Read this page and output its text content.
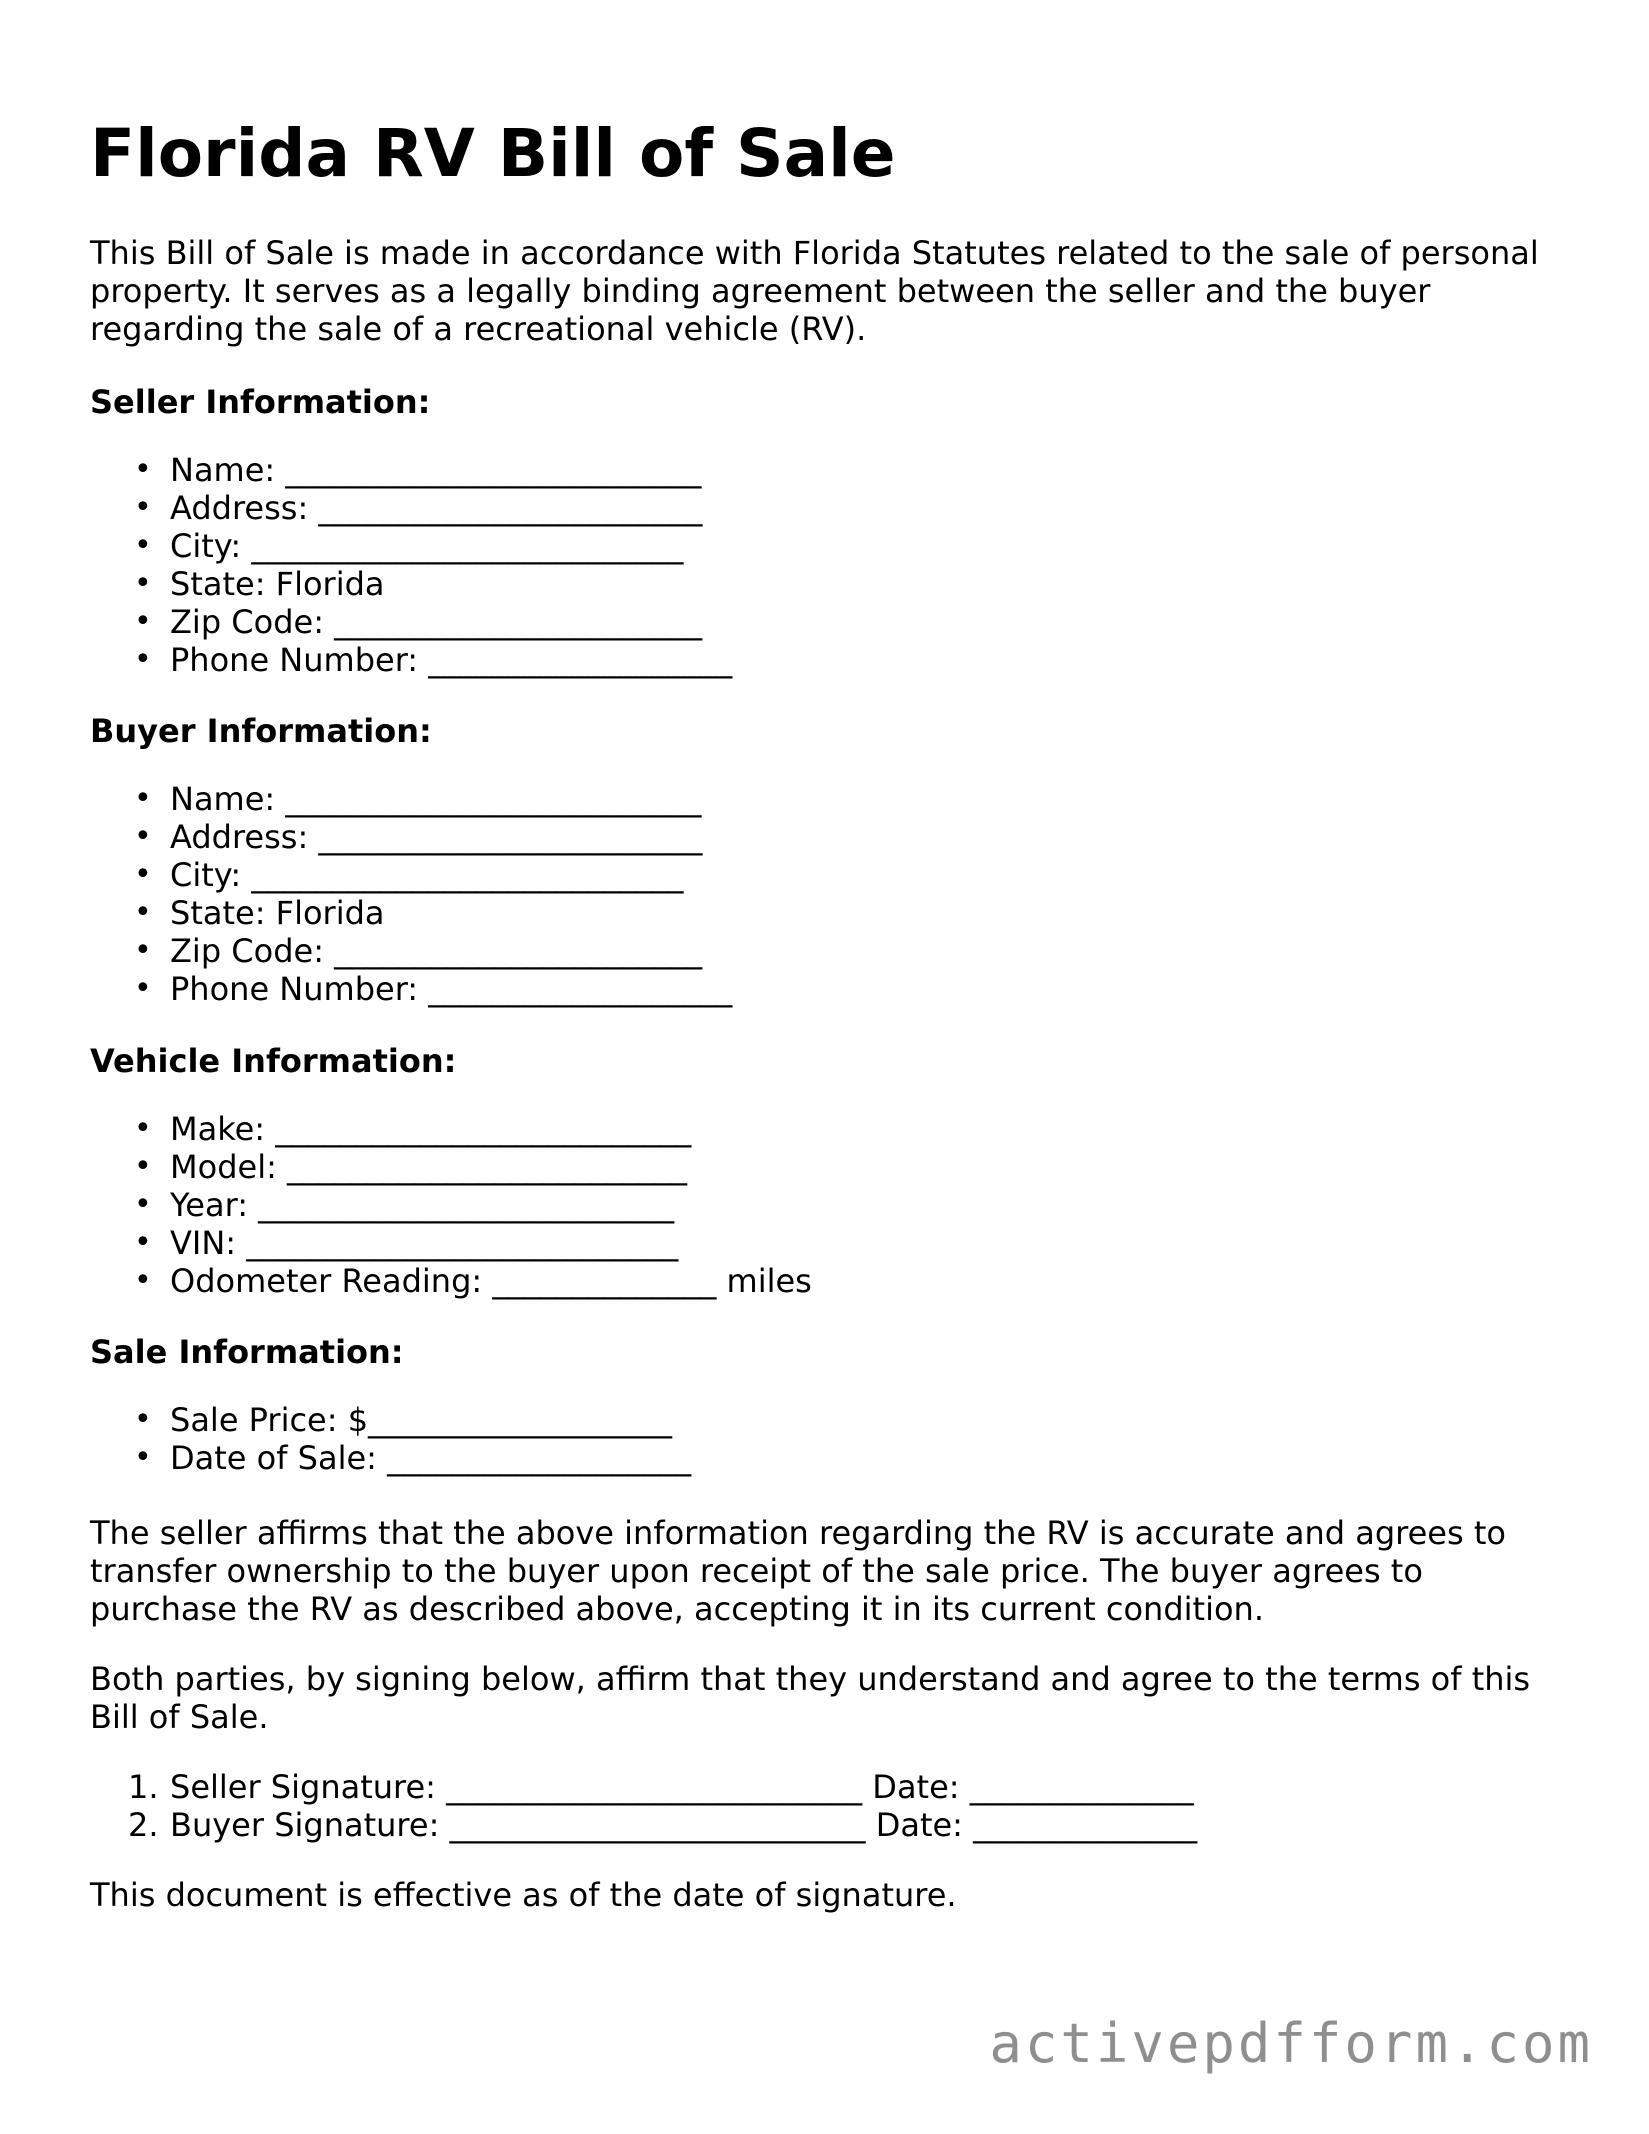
Florida RV Bill of Sale

This Bill of Sale is made in accordance with Florida Statutes related to the sale of personal property. It serves as a legally binding agreement between the seller and the buyer regarding the sale of a recreational vehicle (RV).

Seller Information:
• Name: __________________________
• Address: ________________________
• City: ___________________________
• State: Florida
• Zip Code: _______________________
• Phone Number: ___________________
Buyer Information:
• Name: __________________________
• Address: ________________________
• City: ___________________________
• State: Florida
• Zip Code: _______________________
• Phone Number: ___________________
Vehicle Information:
• Make: __________________________
• Model: _________________________
• Year: __________________________
• VIN: ___________________________
• Odometer Reading: ______________ miles
Sale Information:
• Sale Price: $___________________
• Date of Sale: ___________________

The seller affirms that the above information regarding the RV is accurate and agrees to transfer ownership to the buyer upon receipt of the sale price. The buyer agrees to purchase the RV as described above, accepting it in its current condition.

Both parties, by signing below, affirm that they understand and agree to the terms of this Bill of Sale.

1. Seller Signature: __________________________ Date: ______________
2. Buyer Signature: __________________________ Date: ______________

This document is effective as of the date of signature.

activepdfform.com
